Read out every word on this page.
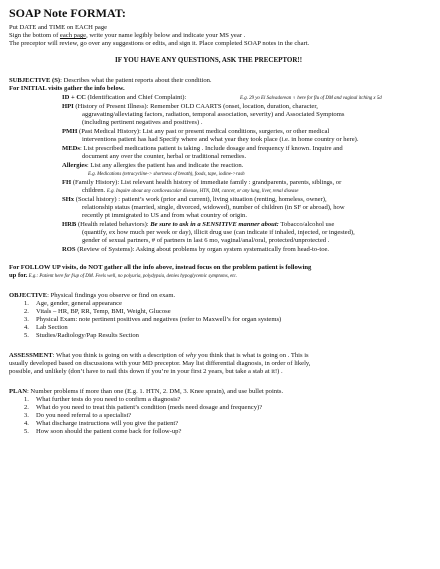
SOAP Note FORMAT:
Put DATE and TIME on EACH page
Sign the bottom of each page, write your name legibly below and indicate your MS year .
The preceptor will review, go over any suggestions or edits, and sign it. Place completed SOAP notes in the chart.
IF YOU HAVE ANY QUESTIONS, ASK THE PRECEPTOR!!
SUBJECTIVE (S): Describes what the patient reports about their condition.
For INITIAL visits gather the info below.
ID + CC (Identification and Chief Complaint):	E.g. 29 yo El Salvadorean ♀ here for flu of DM and vaginal itching x 5d
HPI (History of Present Illness): Remember OLD CAARTS (onset, location, duration, character,
aggravating/alleviating factors, radiation, temporal association, severity) and Associated Symptoms
(including pertinent negatives and positives) .
PMH (Past Medical History): List any past or present medical conditions, surgeries, or other medical
interventions patient has had Specify where and what year they took place (i.e. in home country or here).
MEDs: List prescribed medications patient is taking . Include dosage and frequency if known. Inquire and
document any over the counter, herbal or traditional remedies.
Allergies: List any allergies the patient has and indicate the reaction.
E.g. Medications (tetracycline-> shortness of breath), foods, tape, iodine->rash
FH (Family History): List relevant health history of immediate family : grandparents, parents, siblings, or
children. E.g. Inquire about any cardiovascular disease, HTN, DM, cancer, or any lung, liver, renal disease
SHx (Social history) : patient’s work (prior and current), living situation (renting, homeless, owner),
relationship status (married, single, divorced, widowed), number of children (in SF or abroad), how
recently pt immigrated to US and from what country of origin.
HRB (Health related behaviors): Be sure to ask in a SENSITIVE manner about: Tobacco/alcohol use
(quantify, ex how much per week or day), illicit drug use (can indicate if inhaled, injected, or ingested),
gender of sexual partners, # of partners in last 6 mo, vaginal/anal/oral, protected/unprotected .
ROS (Review of Systems): Asking about problems by organ system systematically from head-to-toe.
For FOLLOW UP visits, do NOT gather all the info above, instead focus on the problem patient is following
up for. E.g.: Patient here for f/up of DM. Feels well, no polyuria, polydypsia, denies hypoglycemic symptoms, etc.
OBJECTIVE: Physical findings you observe or find on exam.
1. Age, gender, general appearance
2. Vitals – HR, BP, RR, Temp, BMI, Weight, Glucose
3. Physical Exam: note pertinent positives and negatives (refer to Maxwell’s for organ systems)
4. Lab Section
5. Studies/Radiology/Pap Results Section
ASSESSMENT: What you think is going on with a description of why you think that is what is going on . This is
usually developed based on discussions with your MD preceptor. May list differential diagnosis, in order of likely,
possible, and unlikely (don’t have to nail this down if you’re in your first 2 years, but take a stab at it!) .
PLAN: Number problems if more than one (E.g. 1. HTN, 2. DM, 3. Knee sprain), and use bullet points.
1. What further tests do you need to confirm a diagnosis?
2. What do you need to treat this patient’s condition (meds need dosage and frequency)?
3. Do you need referral to a specialist?
4. What discharge instructions will you give the patient?
5. How soon should the patient come back for follow-up?
